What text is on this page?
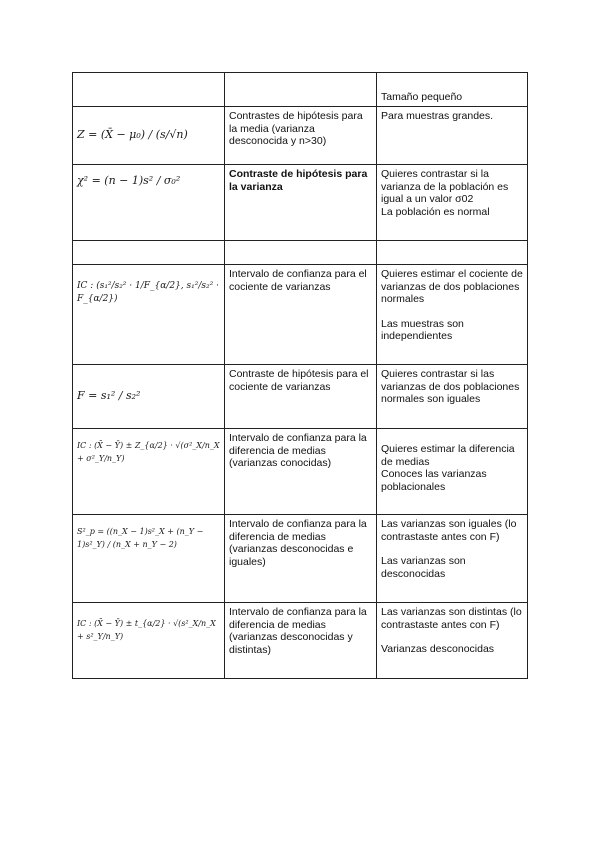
		Tamaño pequeño

Z = (X̄ − μ₀) / (s/√n)	Contrastes de hipótesis para la media (varianza desconocida y n>30)	Para muestras grandes.

χ² = (n − 1)s² / σ₀²	Contraste de hipótesis para la varianza	Quieres contrastar si la varianza de la población es igual a un valor σ02
La población es normal

IC : (s₁²/s₂² · 1/F_{α/2}, s₁²/s₂² · F_{α/2})	Intervalo de confianza para el cociente de varianzas	Quieres estimar el cociente de varianzas de dos poblaciones normales
Las muestras son independientes

F = s₁² / s₂²	Contraste de hipótesis para el cociente de varianzas	Quieres contrastar si las varianzas de dos poblaciones normales son iguales

IC : (X̄ − Ȳ) ± Z_{α/2} · √(σ²_X/n_X + σ²_Y/n_Y)	Intervalo de confianza para la diferencia de medias (varianzas conocidas)	Quieres estimar la diferencia de medias
Conoces las varianzas poblacionales

S²_p = ((n_X − 1)s²_X + (n_Y − 1)s²_Y) / (n_X + n_Y − 2)	Intervalo de confianza para la diferencia de medias (varianzas desconocidas e iguales)	Las varianzas son iguales (lo contrastaste antes con F)
Las varianzas son desconocidas

IC : (X̄ − Ȳ) ± t_{α/2} · √(s²_X/n_X + s²_Y/n_Y)	Intervalo de confianza para la diferencia de medias (varianzas desconocidas y distintas)	Las varianzas son distintas (lo contrastaste antes con F)
Varianzas desconocidas
